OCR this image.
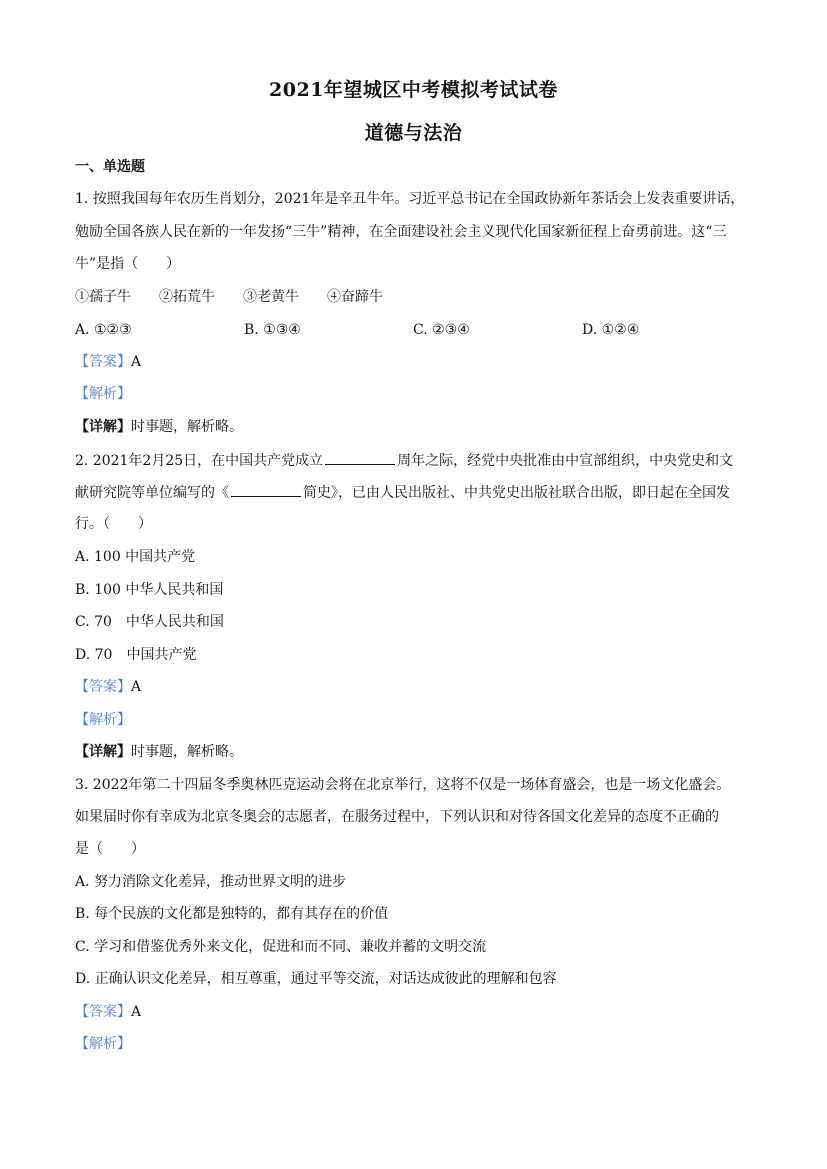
2021年望城区中考模拟考试试卷
道德与法治
一、单选题
1. 按照我国每年农历生肖划分，2021年是辛丑牛年。习近平总书记在全国政协新年茶话会上发表重要讲话，
勉励全国各族人民在新的一年发扬“三牛”精神，在全面建设社会主义现代化国家新征程上奋勇前进。这“三
牛”是指（　　）
①孺子牛　　②拓荒牛　　③老黄牛　　④奋蹄牛
A. ①②③	B. ①③④	C. ②③④	D. ①②④
【答案】A
【解析】
【详解】时事题，解析略。
2. 2021年2月25日，在中国共产党成立	周年之际，经党中央批准由中宣部组织，中央党史和文
献研究院等单位编写的《	简史》，已由人民出版社、中共党史出版社联合出版，即日起在全国发
行。（　　）
A. 100 中国共产党
B. 100 中华人民共和国
C. 70　中华人民共和国
D. 70　中国共产党
【答案】A
【解析】
【详解】时事题，解析略。
3. 2022年第二十四届冬季奥林匹克运动会将在北京举行，这将不仅是一场体育盛会，也是一场文化盛会。
如果届时你有幸成为北京冬奥会的志愿者，在服务过程中，下列认识和对待各国文化差异的态度不正确的
是（　　）
A. 努力消除文化差异，推动世界文明的进步
B. 每个民族的文化都是独特的，都有其存在的价值
C. 学习和借鉴优秀外来文化，促进和而不同、兼收并蓄的文明交流
D. 正确认识文化差异，相互尊重，通过平等交流，对话达成彼此的理解和包容
【答案】A
【解析】
